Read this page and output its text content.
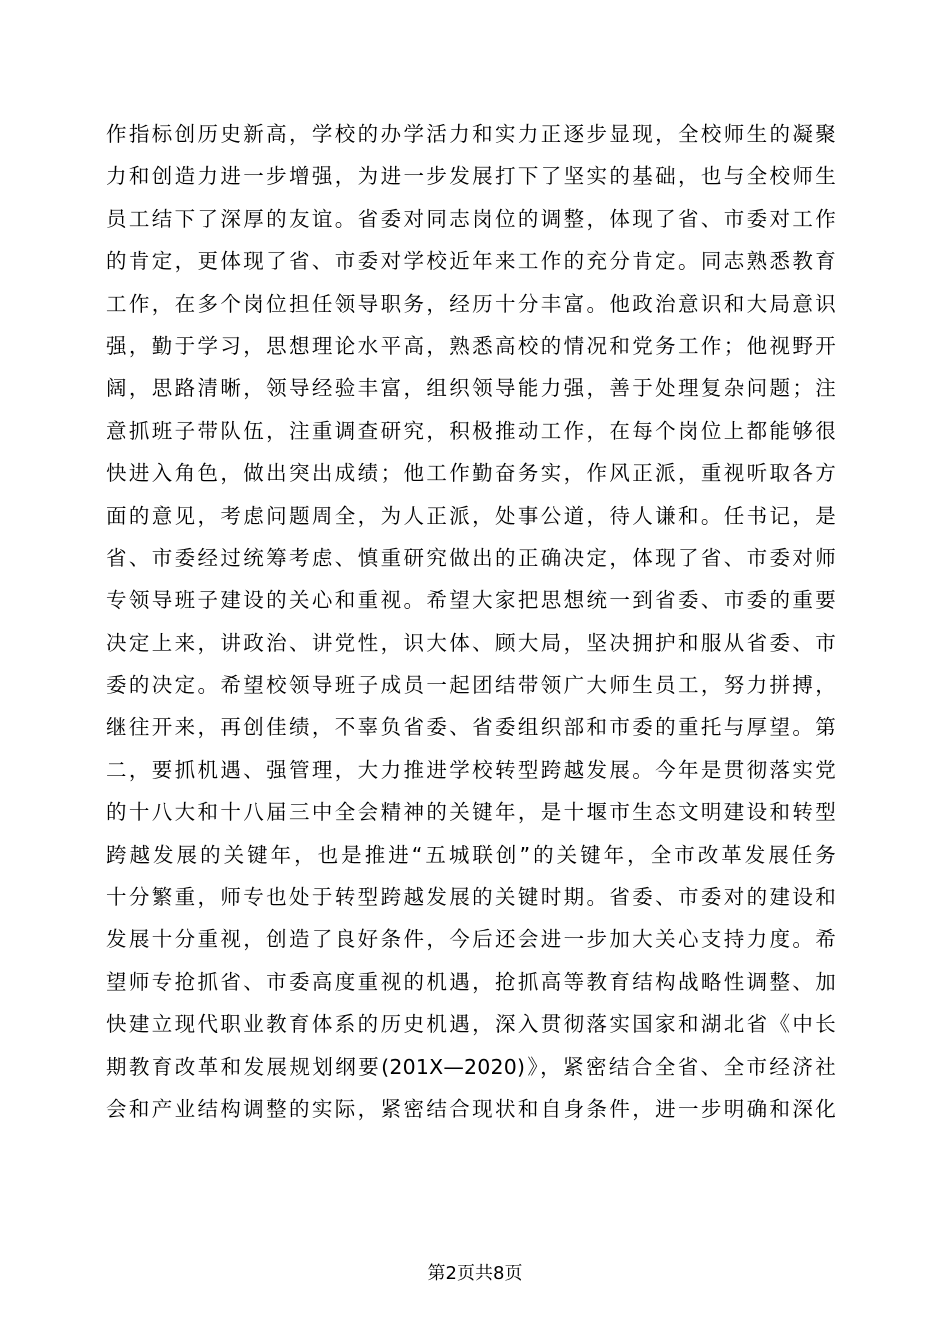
作指标创历史新高，学校的办学活力和实力正逐步显现，全校师生的凝聚
力和创造力进一步增强，为进一步发展打下了坚实的基础，也与全校师生
员工结下了深厚的友谊。省委对同志岗位的调整，体现了省、市委对工作
的肯定，更体现了省、市委对学校近年来工作的充分肯定。同志熟悉教育
工作，在多个岗位担任领导职务，经历十分丰富。他政治意识和大局意识
强，勤于学习，思想理论水平高，熟悉高校的情况和党务工作；他视野开
阔，思路清晰，领导经验丰富，组织领导能力强，善于处理复杂问题；注
意抓班子带队伍，注重调查研究，积极推动工作，在每个岗位上都能够很
快进入角色，做出突出成绩；他工作勤奋务实，作风正派，重视听取各方
面的意见，考虑问题周全，为人正派，处事公道，待人谦和。任书记，是
省、市委经过统筹考虑、慎重研究做出的正确决定，体现了省、市委对师
专领导班子建设的关心和重视。希望大家把思想统一到省委、市委的重要
决定上来，讲政治、讲党性，识大体、顾大局，坚决拥护和服从省委、市
委的决定。希望校领导班子成员一起团结带领广大师生员工，努力拼搏，
继往开来，再创佳绩，不辜负省委、省委组织部和市委的重托与厚望。第
二，要抓机遇、强管理，大力推进学校转型跨越发展。今年是贯彻落实党
的十八大和十八届三中全会精神的关键年，是十堰市生态文明建设和转型
跨越发展的关键年，也是推进“五城联创”的关键年，全市改革发展任务
十分繁重，师专也处于转型跨越发展的关键时期。省委、市委对的建设和
发展十分重视，创造了良好条件，今后还会进一步加大关心支持力度。希
望师专抢抓省、市委高度重视的机遇，抢抓高等教育结构战略性调整、加
快建立现代职业教育体系的历史机遇，深入贯彻落实国家和湖北省《中长
期教育改革和发展规划纲要(201X—2020)》，紧密结合全省、全市经济社
会和产业结构调整的实际，紧密结合现状和自身条件，进一步明确和深化
第2页共8页
